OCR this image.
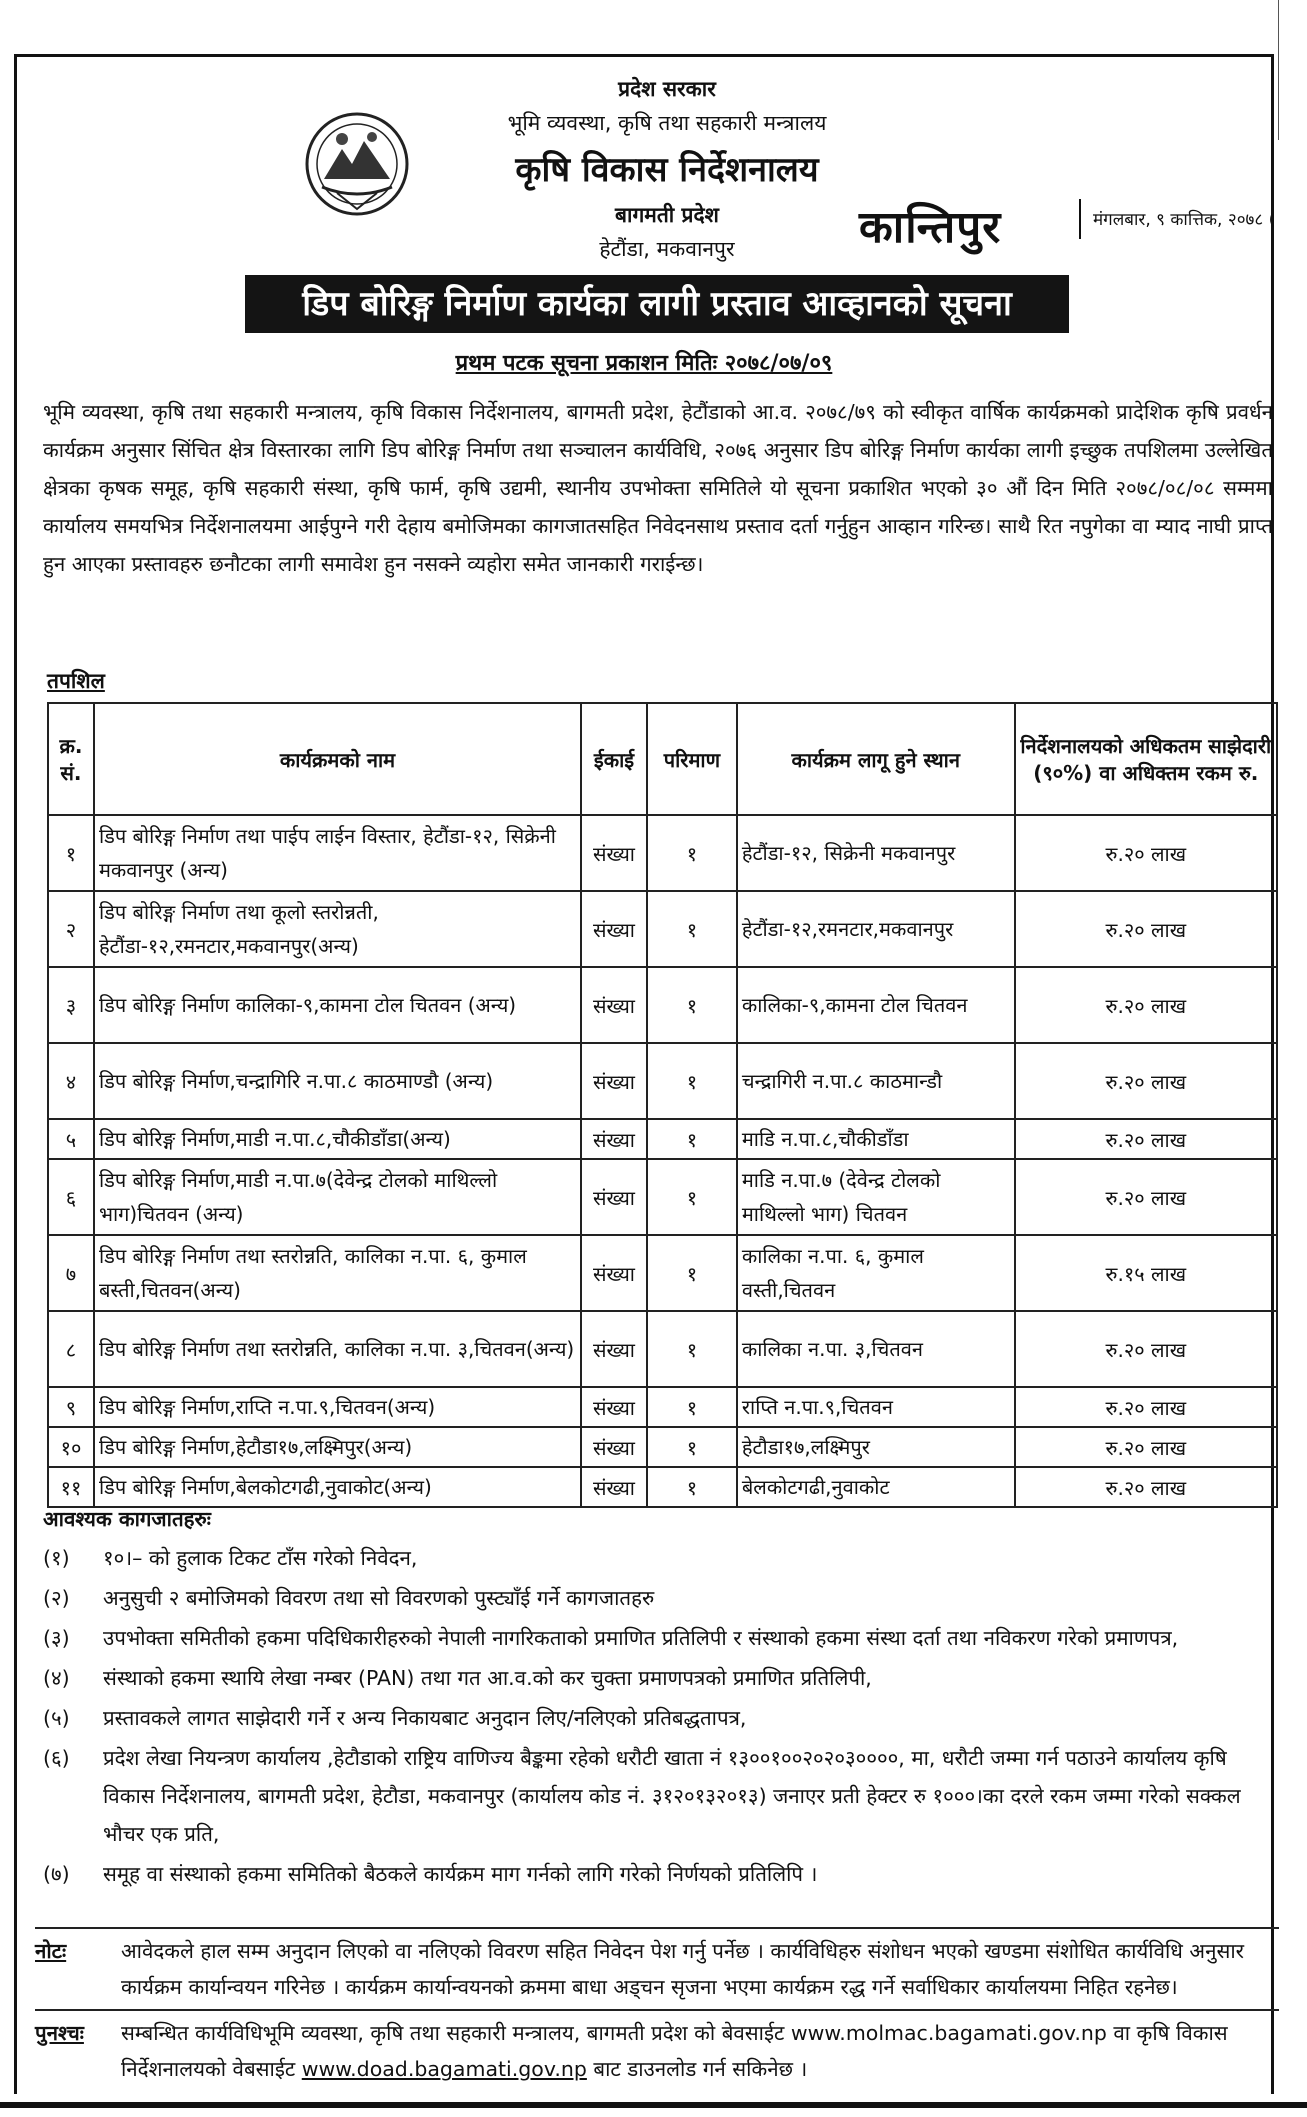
प्रदेश सरकार
भूमि व्यवस्था, कृषि तथा सहकारी मन्त्रालय
कृषि विकास निर्देशनालय
बागमती प्रदेश
हेटौंडा, मकवानपुर	कान्तिपुर	मंगलबार, ९ कात्तिक, २०७८ (
डिप बोरिङ्ग निर्माण कार्यका लागी प्रस्ताव आव्हानको सूचना
प्रथम पटक सूचना प्रकाशन मितिः २०७८/०७/०९
भूमि व्यवस्था, कृषि तथा सहकारी मन्त्रालय, कृषि विकास निर्देशनालय, बागमती प्रदेश, हेटौंडाको आ.व. २०७८/७९ को स्वीकृत वार्षिक कार्यक्रमको प्रादेशिक कृषि प्रवर्धन कार्यक्रम अनुसार सिंचित क्षेत्र विस्तारका लागि डिप बोरिङ्ग निर्माण तथा सञ्चालन कार्यविधि, २०७६ अनुसार डिप बोरिङ्ग निर्माण कार्यका लागी इच्छुक तपशिलमा उल्लेखित क्षेत्रका कृषक समूह, कृषि सहकारी संस्था, कृषि फार्म, कृषि उद्यमी, स्थानीय उपभोक्ता समितिले यो सूचना प्रकाशित भएको ३० औं दिन मिति २०७८/०८/०८ सम्ममा कार्यालय समयभित्र निर्देशनालयमा आईपुग्ने गरी देहाय बमोजिमका कागजातसहित निवेदनसाथ प्रस्ताव दर्ता गर्नुहुन आव्हान गरिन्छ। साथै रित नपुगेका वा म्याद नाघी प्राप्त हुन आएका प्रस्तावहरु छनौटका लागी समावेश हुन नसक्ने व्यहोरा समेत जानकारी गराईन्छ।
तपशिल
क्र. सं.	कार्यक्रमको नाम	ईकाई	परिमाण	कार्यक्रम लागू हुने स्थान	निर्देशनालयको अधिकतम साझेदारी (९०%) वा अधिक्तम रकम रु.
१	डिप बोरिङ्ग निर्माण तथा पाईप लाईन विस्तार, हेटौंडा-१२, सिक्रेनी मकवानपुर (अन्य)	संख्या	१	हेटौंडा-१२, सिक्रेनी मकवानपुर	रु.२० लाख
२	डिप बोरिङ्ग निर्माण तथा कूलो स्तरोन्नती, हेटौंडा-१२,रमनटार,मकवानपुर(अन्य)	संख्या	१	हेटौंडा-१२,रमनटार,मकवानपुर	रु.२० लाख
३	डिप बोरिङ्ग निर्माण कालिका-९,कामना टोल चितवन (अन्य)	संख्या	१	कालिका-९,कामना टोल चितवन	रु.२० लाख
४	डिप बोरिङ्ग निर्माण,चन्द्रागिरि न.पा.८ काठमाण्डौ (अन्य)	संख्या	१	चन्द्रागिरी न.पा.८ काठमान्डौ	रु.२० लाख
५	डिप बोरिङ्ग निर्माण,माडी न.पा.८,चौकीडाँडा(अन्य)	संख्या	१	माडि न.पा.८,चौकीडाँडा	रु.२० लाख
६	डिप बोरिङ्ग निर्माण,माडी न.पा.७(देवेन्द्र टोलको माथिल्लो भाग)चितवन (अन्य)	संख्या	१	माडि न.पा.७ (देवेन्द्र टोलको माथिल्लो भाग) चितवन	रु.२० लाख
७	डिप बोरिङ्ग निर्माण तथा स्तरोन्नति, कालिका न.पा. ६, कुमाल बस्ती,चितवन(अन्य)	संख्या	१	कालिका न.पा. ६, कुमाल वस्ती,चितवन	रु.१५ लाख
८	डिप बोरिङ्ग निर्माण तथा स्तरोन्नति, कालिका न.पा. ३,चितवन(अन्य)	संख्या	१	कालिका न.पा. ३,चितवन	रु.२० लाख
९	डिप बोरिङ्ग निर्माण,राप्ति न.पा.९,चितवन(अन्य)	संख्या	१	राप्ति न.पा.९,चितवन	रु.२० लाख
१०	डिप बोरिङ्ग निर्माण,हेटौडा१७,लक्ष्मिपुर(अन्य)	संख्या	१	हेटौडा१७,लक्ष्मिपुर	रु.२० लाख
११	डिप बोरिङ्ग निर्माण,बेलकोटगढी,नुवाकोट(अन्य)	संख्या	१	बेलकोटगढी,नुवाकोट	रु.२० लाख
आवश्यक कागजातहरुः
(१)	१०।– को हुलाक टिकट टाँस गरेको निवेदन,
(२)	अनुसुची २ बमोजिमको विवरण तथा सो विवरणको पुस्ट्याँई गर्ने कागजातहरु
(३)	उपभोक्ता समितीको हकमा पदिधिकारीहरुको नेपाली नागरिकताको प्रमाणित प्रतिलिपी र संस्थाको हकमा संस्था दर्ता तथा नविकरण गरेको प्रमाणपत्र,
(४)	संस्थाको हकमा स्थायि लेखा नम्बर (PAN) तथा गत आ.व.को कर चुक्ता प्रमाणपत्रको प्रमाणित प्रतिलिपी,
(५)	प्रस्तावकले लागत साझेदारी गर्ने र अन्य निकायबाट अनुदान लिए/नलिएको प्रतिबद्धतापत्र,
(६)	प्रदेश लेखा नियन्त्रण कार्यालय ,हेटौडाको राष्ट्रिय वाणिज्य बैङ्कमा रहेको धरौटी खाता नं १३००१००२०२०३००००, मा, धरौटी जम्मा गर्न पठाउने कार्यालय कृषि विकास निर्देशनालय, बागमती प्रदेश, हेटौडा, मकवानपुर (कार्यालय कोड नं. ३१२०१३२०१३) जनाएर प्रती हेक्टर रु १०००।का दरले रकम जम्मा गरेको सक्कल भौचर एक प्रति,
(७)	समूह वा संस्थाको हकमा समितिको बैठकले कार्यक्रम माग गर्नको लागि गरेको निर्णयको प्रतिलिपि ।
नोटः	आवेदकले हाल सम्म अनुदान लिएको वा नलिएको विवरण सहित निवेदन पेश गर्नु पर्नेछ । कार्यविधिहरु संशोधन भएको खण्डमा संशोधित कार्यविधि अनुसार कार्यक्रम कार्यान्वयन गरिनेछ । कार्यक्रम कार्यान्वयनको क्रममा बाधा अड्चन सृजना भएमा कार्यक्रम रद्ध गर्ने सर्वाधिकार कार्यालयमा निहित रहनेछ।
पुनश्चः	सम्बन्धित कार्यविधिभूमि व्यवस्था, कृषि तथा सहकारी मन्त्रालय, बागमती प्रदेश को बेवसाईट www.molmac.bagamati.gov.np वा कृषि विकास निर्देशनालयको वेबसाईट www.doad.bagamati.gov.np बाट डाउनलोड गर्न सकिनेछ ।
